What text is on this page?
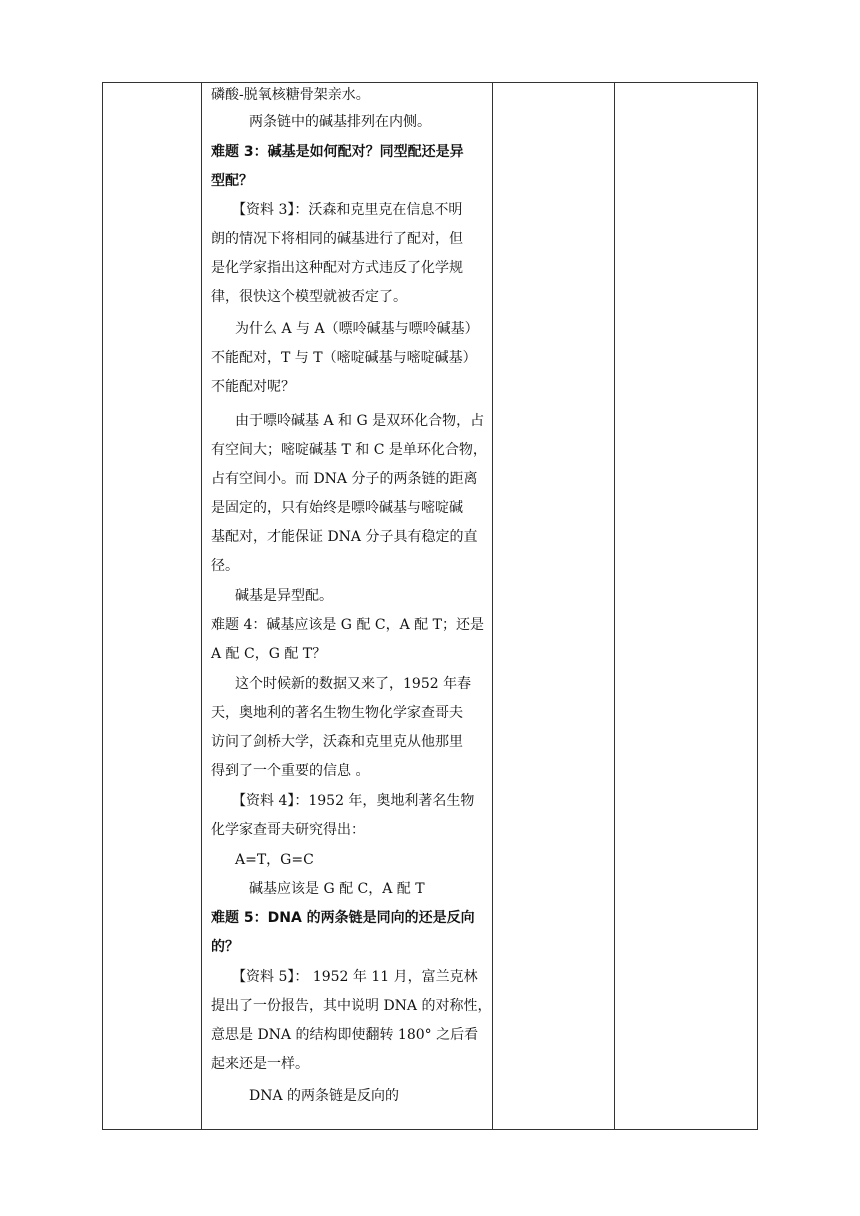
磷酸-脱氧核糖骨架亲水。
两条链中的碱基排列在内侧。
难题 3：碱基是如何配对？同型配还是异
型配？
【资料 3】：沃森和克里克在信息不明
朗的情况下将相同的碱基进行了配对，但
是化学家指出这种配对方式违反了化学规
律，很快这个模型就被否定了。
为什么 A 与 A（嘌呤碱基与嘌呤碱基）
不能配对，T 与 T（嘧啶碱基与嘧啶碱基）
不能配对呢？
由于嘌呤碱基 A 和 G 是双环化合物，占
有空间大；嘧啶碱基 T 和 C 是单环化合物，
占有空间小。而 DNA 分子的两条链的距离
是固定的，只有始终是嘌呤碱基与嘧啶碱
基配对，才能保证 DNA 分子具有稳定的直
径。
碱基是异型配。
难题 4：碱基应该是 G 配 C，A 配 T；还是
A 配 C，G 配 T？
这个时候新的数据又来了，1952 年春
天，奥地利的著名生物生物化学家查哥夫
访问了剑桥大学，沃森和克里克从他那里
得到了一个重要的信息 。
【资料 4】：1952 年，奥地利著名生物
化学家查哥夫研究得出：
A=T，G=C
碱基应该是 G 配 C，A 配 T
难题 5：DNA 的两条链是同向的还是反向
的？
【资料 5】： 1952 年 11 月，富兰克林
提出了一份报告，其中说明 DNA 的对称性，
意思是 DNA 的结构即使翻转 180° 之后看
起来还是一样。
DNA 的两条链是反向的
